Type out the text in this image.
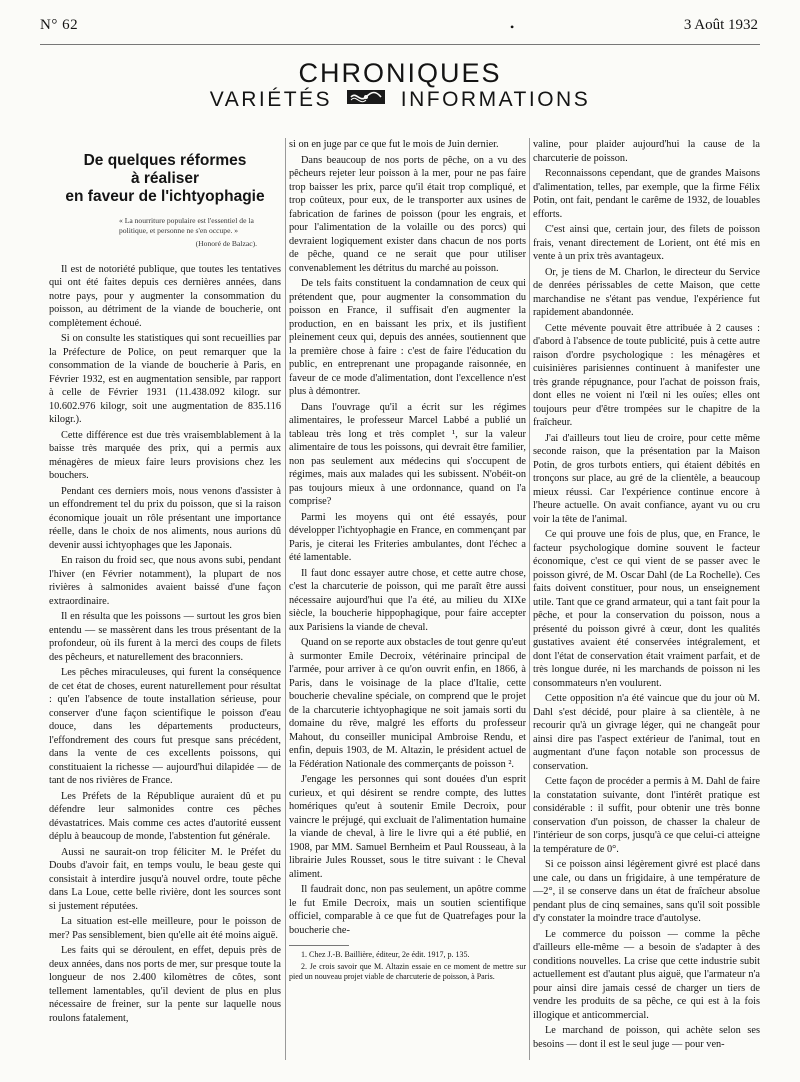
N° 62	•	3 Août 1932
CHRONIQUES
VARIÉTÉS	INFORMATIONS
De quelques réformes
à réaliser
en faveur de l'ichtyophagie
« La nourriture populaire est l'essentiel de la politique, et personne ne s'en occupe. »
(Honoré de Balzac).

Il est de notoriété publique, que toutes les tentatives qui ont été faites depuis ces dernières années, dans notre pays, pour y augmenter la consommation du poisson, au détriment de la viande de boucherie, ont complètement échoué.

Si on consulte les statistiques qui sont recueillies par la Préfecture de Police, on peut remarquer que la consommation de la viande de boucherie à Paris, en Février 1932, est en augmentation sensible, par rapport à celle de Février 1931 (11.438.092 kilogr. sur 10.602.976 kilogr, soit une augmentation de 835.116 kilogr.).

Cette différence est due très vraisemblablement à la baisse très marquée des prix, qui a permis aux ménagères de mieux faire leurs provisions chez les bouchers.

Pendant ces derniers mois, nous venons d'assister à un effondrement tel du prix du poisson, que si la raison économique jouait un rôle présentant une importance réelle, dans le choix de nos aliments, nous aurions dû devenir aussi ichtyophages que les Japonais.

En raison du froid sec, que nous avons subi, pendant l'hiver (en Février notamment), la plupart de nos rivières à salmonides avaient baissé d'une façon extraordinaire.

Il en résulta que les poissons — surtout les gros bien entendu — se massèrent dans les trous présentant de la profondeur, où ils furent à la merci des coups de filets des pêcheurs, et naturellement des braconniers.

Les pêches miraculeuses, qui furent la conséquence de cet état de choses, eurent naturellement pour résultat : qu'en l'absence de toute installation sérieuse, pour conserver d'une façon scientifique le poisson d'eau douce, dans les départements producteurs, l'effondrement des cours fut presque sans précédent, dans la vente de ces excellents poissons, qui constituaient la richesse — aujourd'hui dilapidée — de tant de nos rivières de France.

Les Préfets de la République auraient dû et pu défendre leur salmonides contre ces pêches dévastatrices. Mais comme ces actes d'autorité eussent déplu à beaucoup de monde, l'abstention fut générale.

Aussi ne saurait-on trop féliciter M. le Préfet du Doubs d'avoir fait, en temps voulu, le beau geste qui consistait à interdire jusqu'à nouvel ordre, toute pêche dans La Loue, cette belle rivière, dont les sources sont si justement réputées.

La situation est-elle meilleure, pour le poisson de mer? Pas sensiblement, bien qu'elle ait été moins aiguë.

Les faits qui se déroulent, en effet, depuis près de deux années, dans nos ports de mer, sur presque toute la longueur de nos 2.400 kilomètres de côtes, sont tellement lamentables, qu'il devient de plus en plus nécessaire de freiner, sur la pente sur laquelle nous roulons fatalement,

si on en juge par ce que fut le mois de Juin dernier.

Dans beaucoup de nos ports de pêche, on a vu des pêcheurs rejeter leur poisson à la mer, pour ne pas faire trop baisser les prix, parce qu'il était trop compliqué, et trop coûteux, pour eux, de le transporter aux usines de fabrication de farines de poisson (pour les engrais, et pour l'alimentation de la volaille ou des porcs) qui devraient logiquement exister dans chacun de nos ports de pêche, quand ce ne serait que pour utiliser convenablement les détritus du marché au poisson.

De tels faits constituent la condamnation de ceux qui prétendent que, pour augmenter la consommation du poisson en France, il suffisait d'en augmenter la production, en en baissant les prix, et ils justifient pleinement ceux qui, depuis des années, soutiennent que la première chose à faire : c'est de faire l'éducation du public, en entreprenant une propagande raisonnée, en faveur de ce mode d'alimentation, dont l'excellence n'est plus à démontrer.

Dans l'ouvrage qu'il a écrit sur les régimes alimentaires, le professeur Marcel Labbé a publié un tableau très long et très complet ¹, sur la valeur alimentaire de tous les poissons, qui devrait être familier, non pas seulement aux médecins qui s'occupent de régimes, mais aux malades qui les subissent. N'obéit-on pas toujours mieux à une ordonnance, quand on l'a comprise?

Parmi les moyens qui ont été essayés, pour développer l'ichtyophagie en France, en commençant par Paris, je citerai les Friteries ambulantes, dont l'échec a été lamentable.

Il faut donc essayer autre chose, et cette autre chose, c'est la charcuterie de poisson, qui me paraît être aussi nécessaire aujourd'hui que l'a été, au milieu du XIXe siècle, la boucherie hippophagique, pour faire accepter aux Parisiens la viande de cheval.

Quand on se reporte aux obstacles de tout genre qu'eut à surmonter Emile Decroix, vétérinaire principal de l'armée, pour arriver à ce qu'on ouvrit enfin, en 1866, à Paris, dans le voisinage de la place d'Italie, cette boucherie chevaline spéciale, on comprend que le projet de la charcuterie ichtyophagique ne soit jamais sorti du domaine du rêve, malgré les efforts du professeur Mahout, du conseiller municipal Ambroise Rendu, et enfin, depuis 1903, de M. Altazin, le président actuel de la Fédération Nationale des commerçants de poisson ².

J'engage les personnes qui sont douées d'un esprit curieux, et qui désirent se rendre compte, des luttes homériques qu'eut à soutenir Emile Decroix, pour vaincre le préjugé, qui excluait de l'alimentation humaine la viande de cheval, à lire le livre qui a été publié, en 1908, par MM. Samuel Bernheim et Paul Rousseau, à la librairie Jules Rousset, sous le titre suivant : le Cheval aliment.

Il faudrait donc, non pas seulement, un apôtre comme le fut Emile Decroix, mais un soutien scientifique officiel, comparable à ce que fut de Quatrefages pour la boucherie che-

1. Chez J.-B. Baillière, éditeur, 2e édit. 1917, p. 135.

2. Je crois savoir que M. Altazin essaie en ce moment de mettre sur pied un nouveau projet viable de charcuterie de poisson, à Paris.

valine, pour plaider aujourd'hui la cause de la charcuterie de poisson.

Reconnaissons cependant, que de grandes Maisons d'alimentation, telles, par exemple, que la firme Félix Potin, ont fait, pendant le carême de 1932, de louables efforts.

C'est ainsi que, certain jour, des filets de poisson frais, venant directement de Lorient, ont été mis en vente à un prix très avantageux.

Or, je tiens de M. Charlon, le directeur du Service de denrées périssables de cette Maison, que cette marchandise ne s'étant pas vendue, l'expérience fut rapidement abandonnée.

Cette mévente pouvait être attribuée à 2 causes : d'abord à l'absence de toute publicité, puis à cette autre raison d'ordre psychologique : les ménagères et cuisinières parisiennes continuent à manifester une très grande répugnance, pour l'achat de poisson frais, dont elles ne voient ni l'œil ni les ouïes; elles ont toujours peur d'être trompées sur le chapitre de la fraîcheur.

J'ai d'ailleurs tout lieu de croire, pour cette même seconde raison, que la présentation par la Maison Potin, de gros turbots entiers, qui étaient débités en tronçons sur place, au gré de la clientèle, a beaucoup mieux réussi. Car l'expérience continue encore à l'heure actuelle. On avait confiance, ayant vu ou cru voir la tête de l'animal.

Ce qui prouve une fois de plus, que, en France, le facteur psychologique domine souvent le facteur économique, c'est ce qui vient de se passer avec le poisson givré, de M. Oscar Dahl (de La Rochelle). Ces faits doivent constituer, pour nous, un enseignement utile. Tant que ce grand armateur, qui a tant fait pour la pêche, et pour la conservation du poisson, nous a présenté du poisson givré à cœur, dont les qualités gustatives avaient été conservées intégralement, et dont l'état de conservation était vraiment parfait, et de très longue durée, ni les marchands de poisson ni les consommateurs n'en voulurent.

Cette opposition n'a été vaincue que du jour où M. Dahl s'est décidé, pour plaire à sa clientèle, à ne recourir qu'à un givrage léger, qui ne changeât pour ainsi dire pas l'aspect extérieur de l'animal, tout en augmentant d'une façon notable son processus de conservation.

Cette façon de procéder a permis à M. Dahl de faire la constatation suivante, dont l'intérêt pratique est considérable : il suffit, pour obtenir une très bonne conservation d'un poisson, de chasser la chaleur de l'intérieur de son corps, jusqu'à ce que celui-ci atteigne la température de 0°.

Si ce poisson ainsi légèrement givré est placé dans une cale, ou dans un frigidaire, à une température de —2°, il se conserve dans un état de fraîcheur absolue pendant plus de cinq semaines, sans qu'il soit possible d'y constater la moindre trace d'autolyse.

Le commerce du poisson — comme la pêche d'ailleurs elle-même — a besoin de s'adapter à des conditions nouvelles. La crise que cette industrie subit actuellement est d'autant plus aiguë, que l'armateur n'a pour ainsi dire jamais cessé de charger un tiers de vendre les produits de sa pêche, ce qui est à la fois illogique et anticommercial.

Le marchand de poisson, qui achète selon ses besoins — dont il est le seul juge — pour ven-
